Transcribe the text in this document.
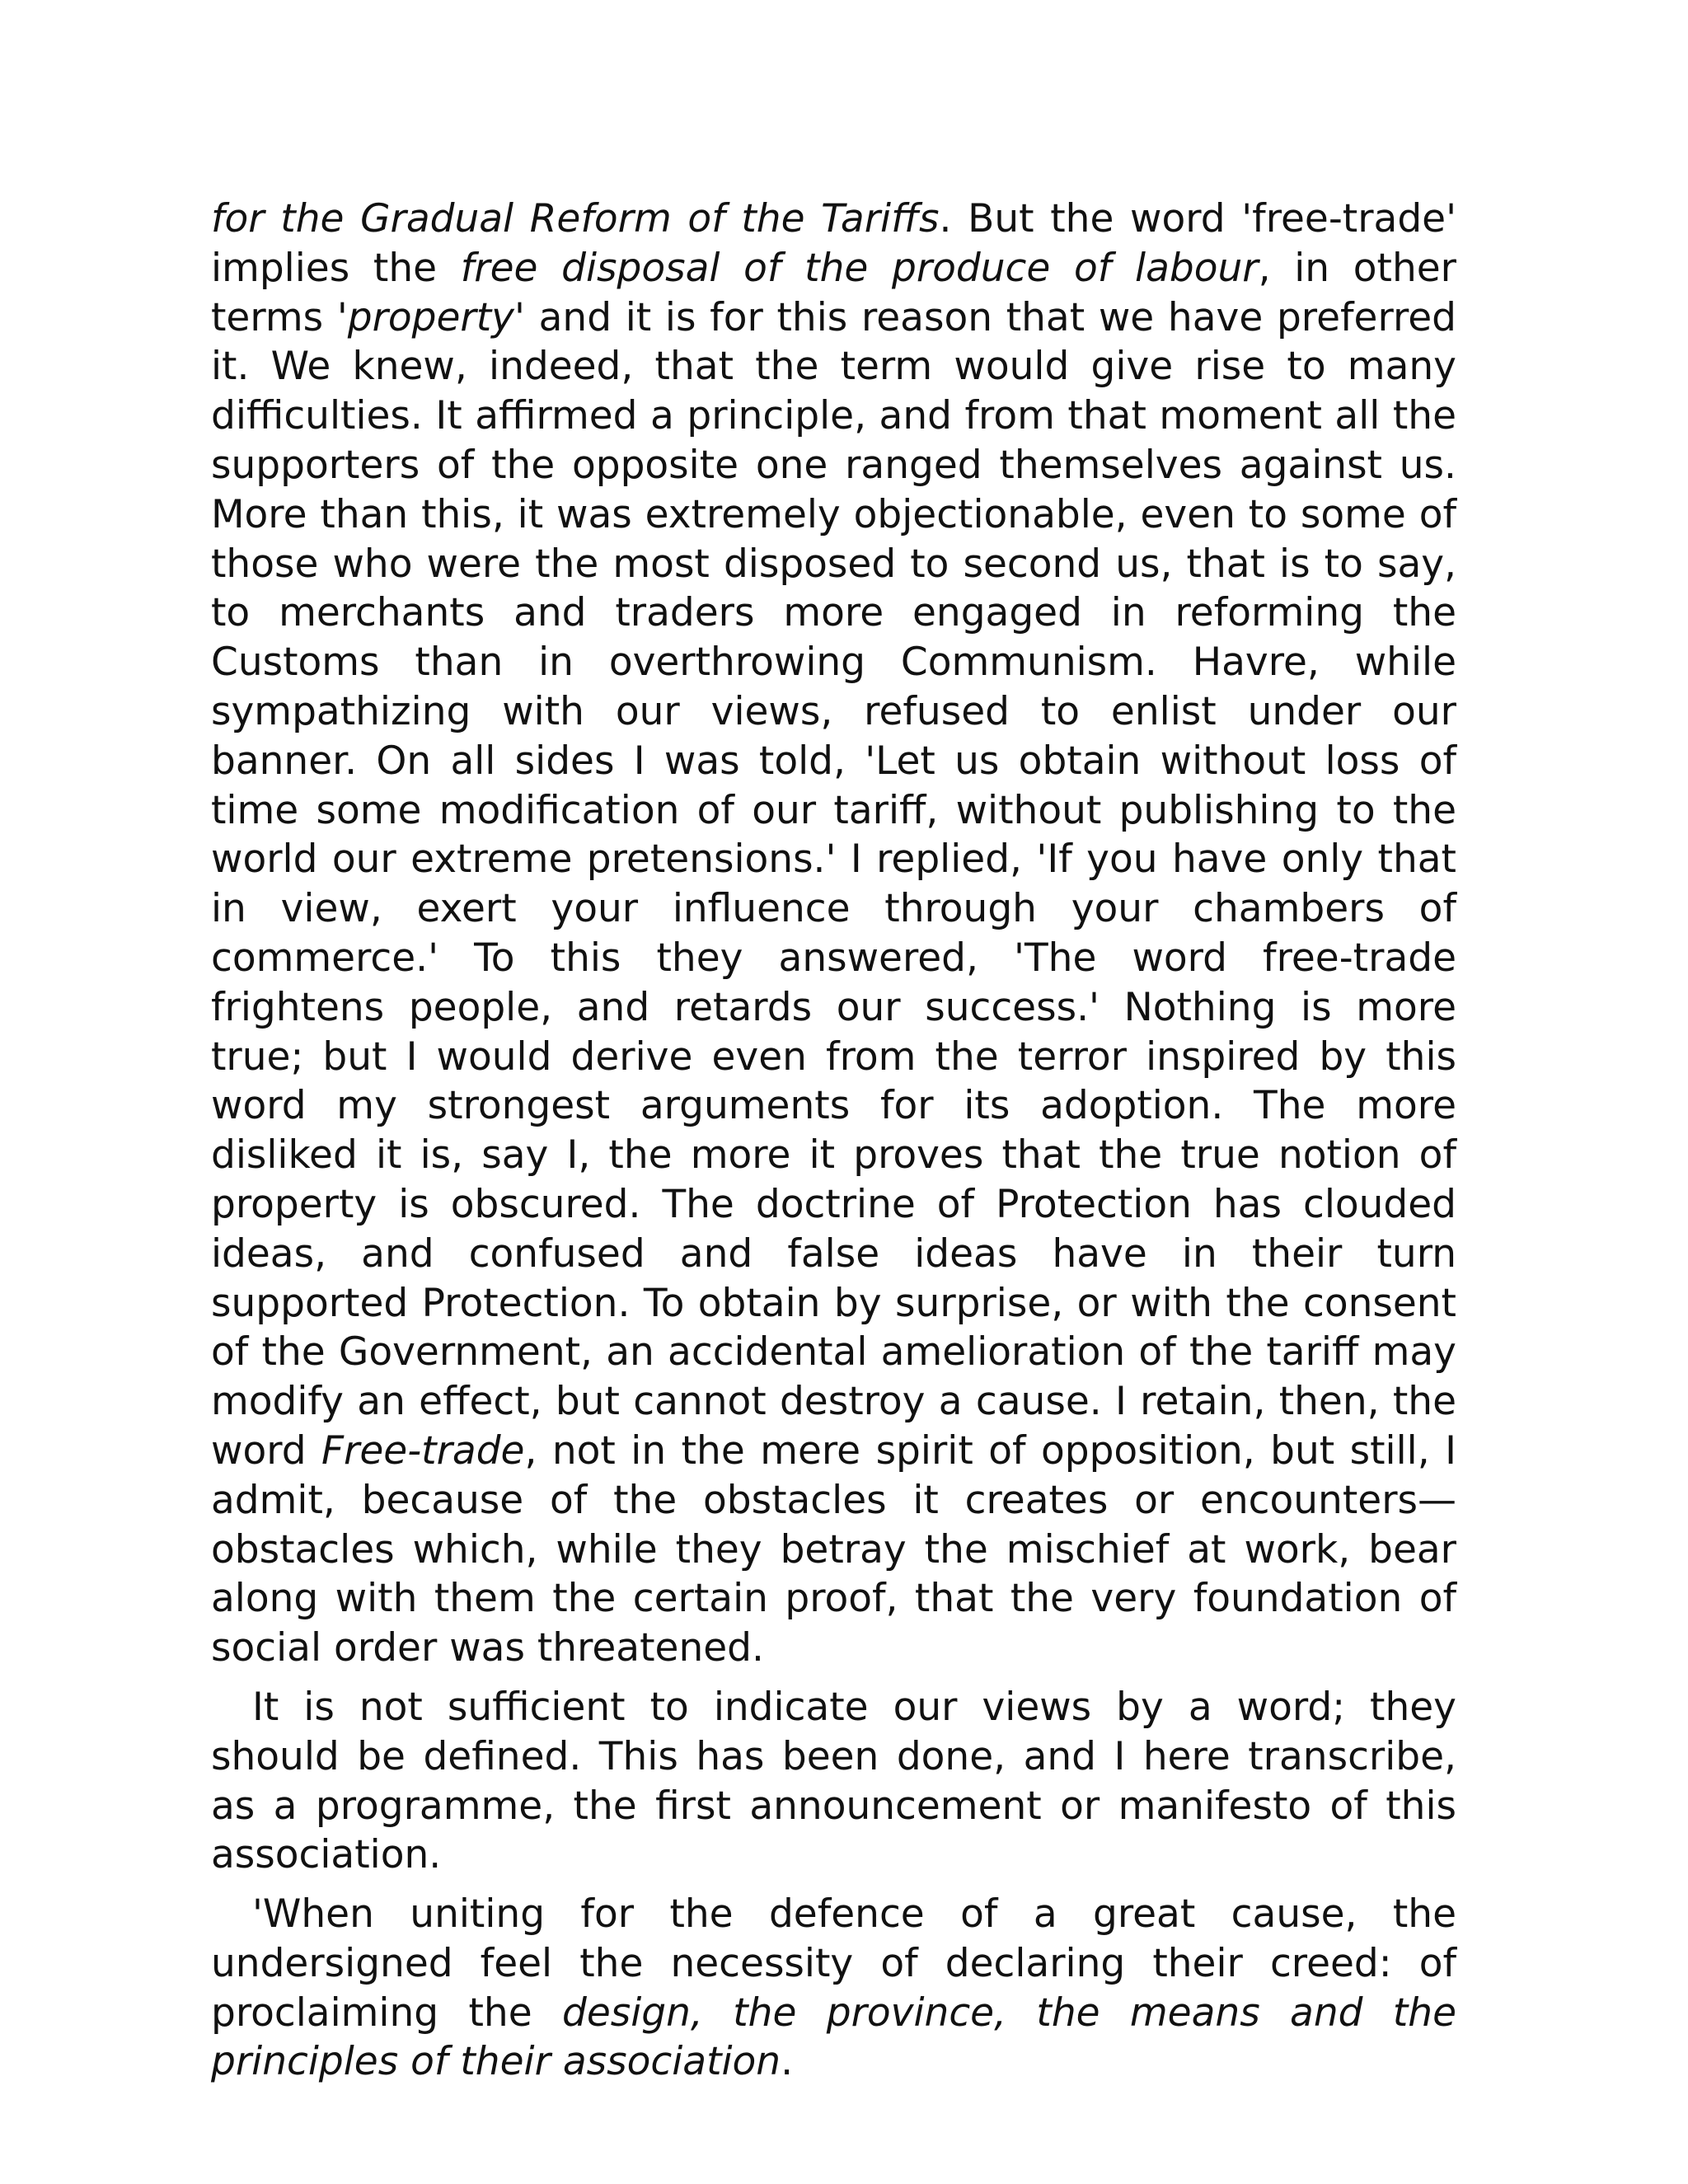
for the Gradual Reform of the Tariffs. But the word 'free-trade' implies the free disposal of the produce of labour, in other terms 'property' and it is for this reason that we have preferred it. We knew, indeed, that the term would give rise to many difficulties. It affirmed a principle, and from that moment all the supporters of the opposite one ranged themselves against us. More than this, it was extremely objectionable, even to some of those who were the most disposed to second us, that is to say, to merchants and traders more engaged in reforming the Customs than in overthrowing Communism. Havre, while sympathizing with our views, refused to enlist under our banner. On all sides I was told, 'Let us obtain without loss of time some modification of our tariff, without publishing to the world our extreme pretensions.' I replied, 'If you have only that in view, exert your influence through your chambers of commerce.' To this they answered, 'The word free-trade frightens people, and retards our success.' Nothing is more true; but I would derive even from the terror inspired by this word my strongest arguments for its adoption. The more disliked it is, say I, the more it proves that the true notion of property is obscured. The doctrine of Protection has clouded ideas, and confused and false ideas have in their turn supported Protection. To obtain by surprise, or with the consent of the Government, an accidental amelioration of the tariff may modify an effect, but cannot destroy a cause. I retain, then, the word Free-trade, not in the mere spirit of opposition, but still, I admit, because of the obstacles it creates or encounters—obstacles which, while they betray the mischief at work, bear along with them the certain proof, that the very foundation of social order was threatened.

It is not sufficient to indicate our views by a word; they should be defined. This has been done, and I here transcribe, as a programme, the first announcement or manifesto of this association.

'When uniting for the defence of a great cause, the undersigned feel the necessity of declaring their creed: of proclaiming the design, the province, the means and the principles of their association.
